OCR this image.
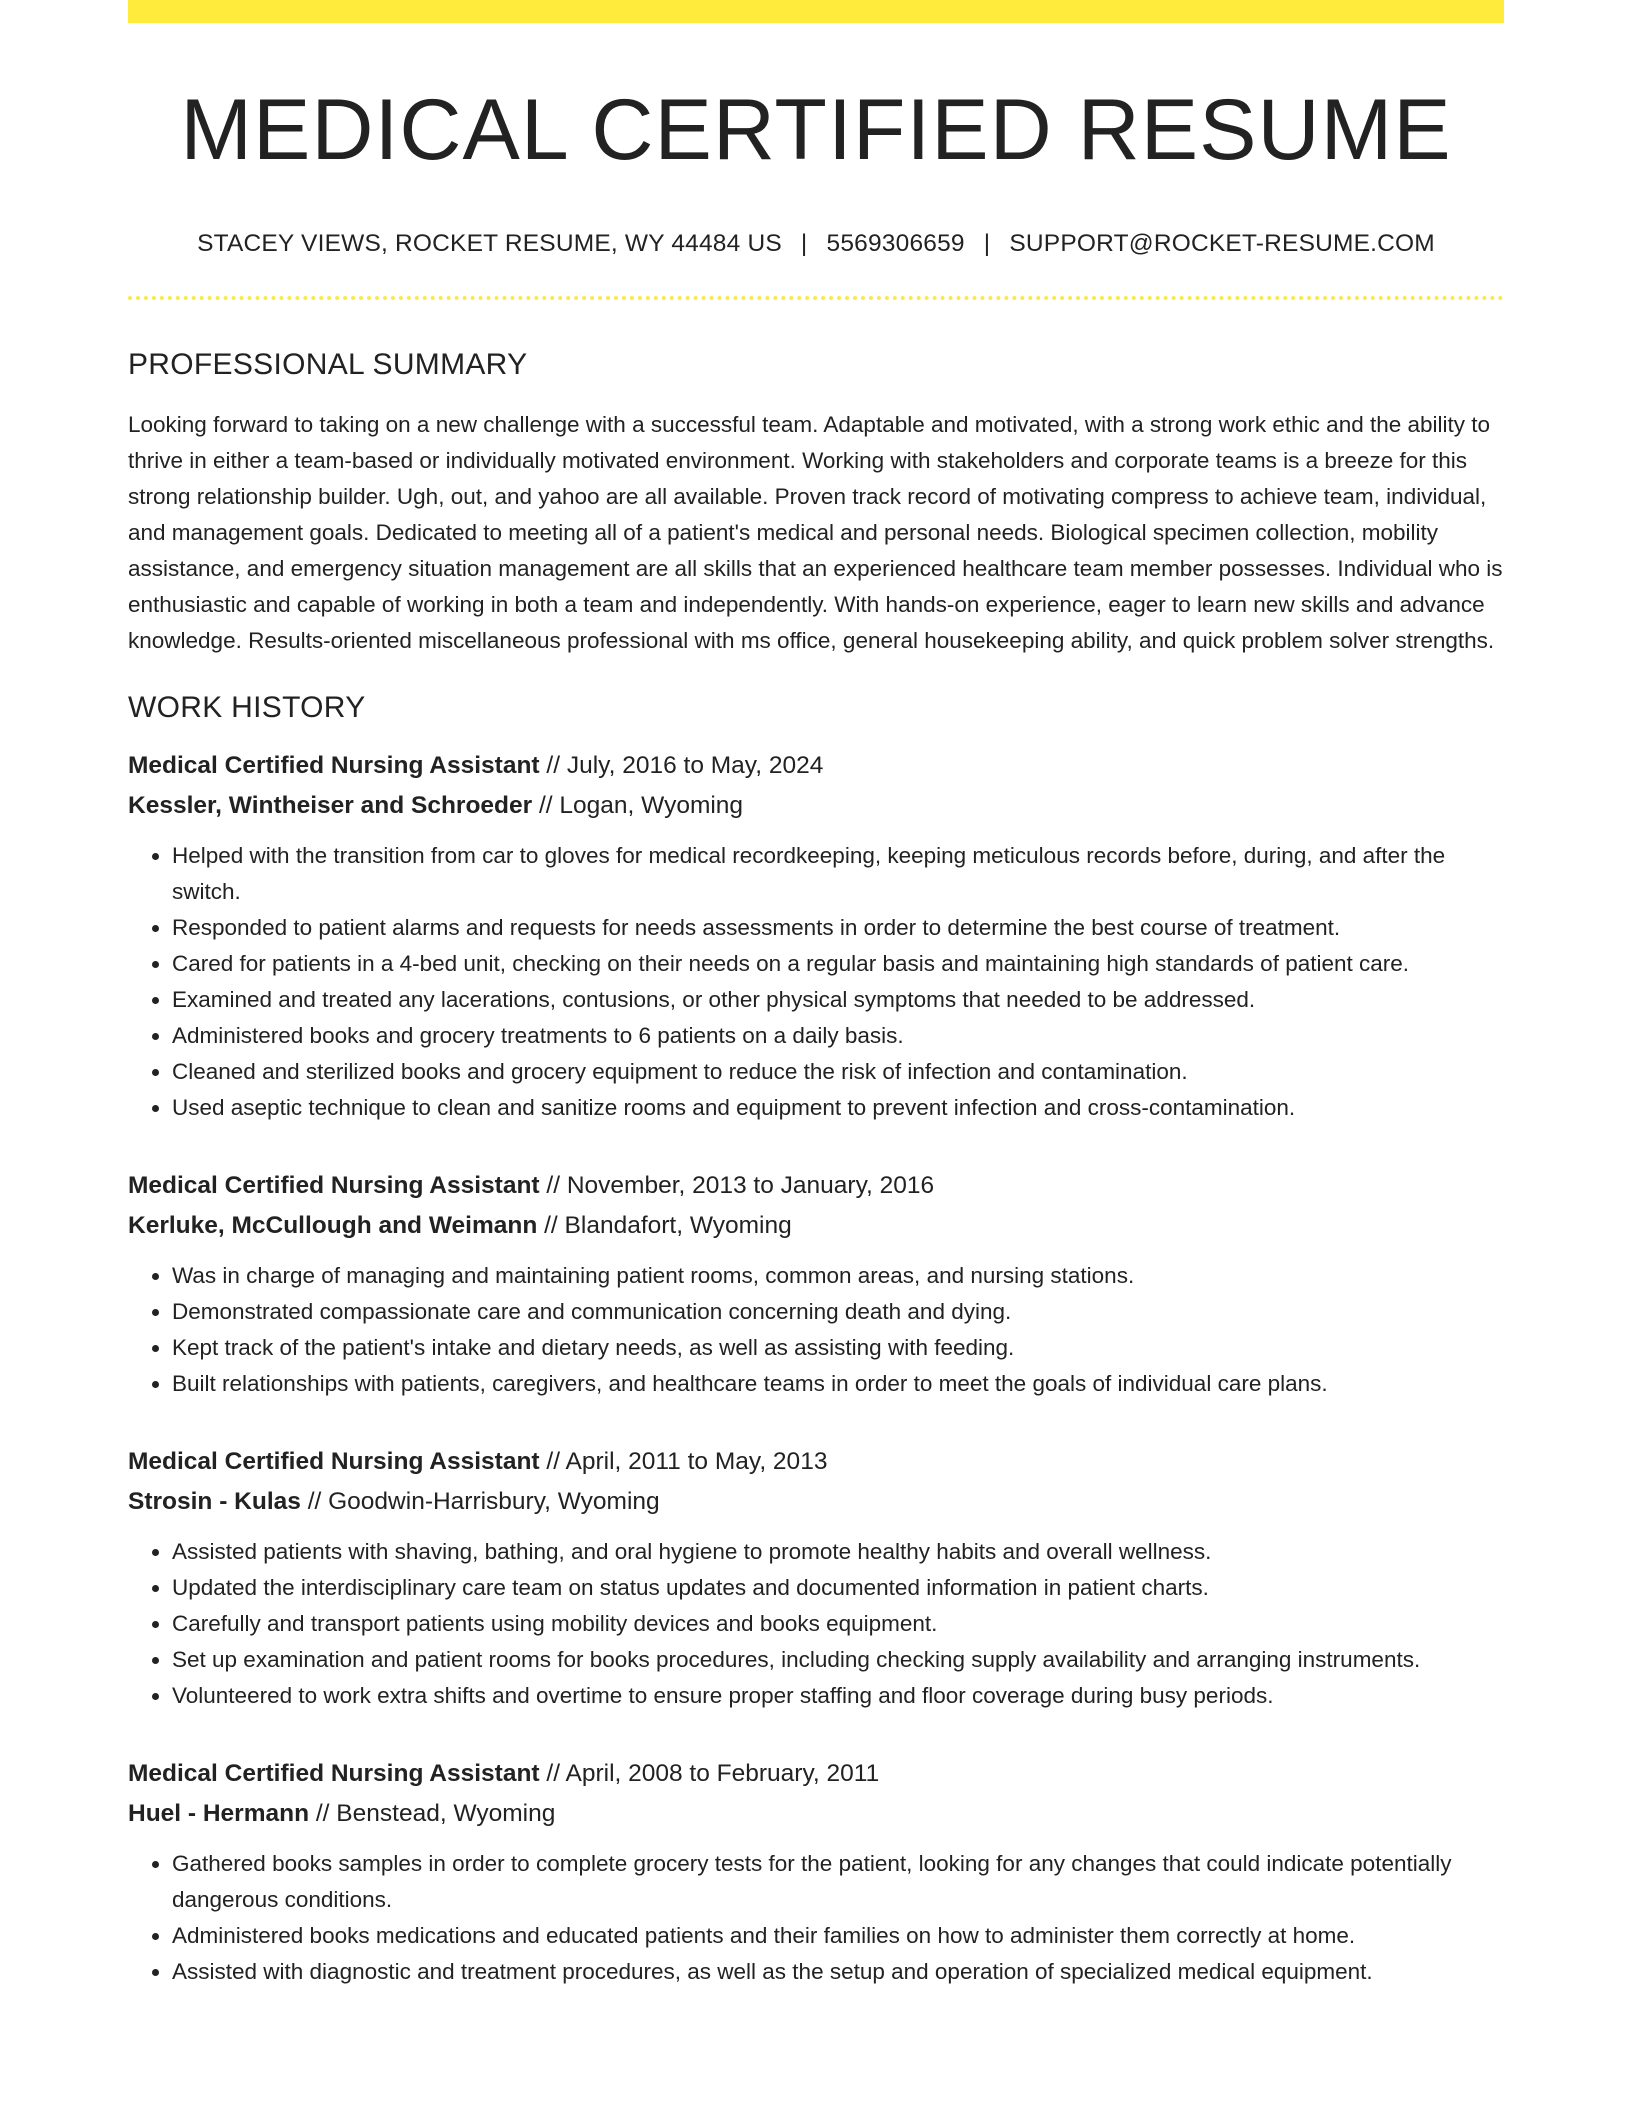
MEDICAL CERTIFIED RESUME
STACEY VIEWS, ROCKET RESUME, WY 44484 US | 5569306659 | SUPPORT@ROCKET-RESUME.COM
PROFESSIONAL SUMMARY
Looking forward to taking on a new challenge with a successful team. Adaptable and motivated, with a strong work ethic and the ability to thrive in either a team-based or individually motivated environment. Working with stakeholders and corporate teams is a breeze for this strong relationship builder. Ugh, out, and yahoo are all available. Proven track record of motivating compress to achieve team, individual, and management goals. Dedicated to meeting all of a patient's medical and personal needs. Biological specimen collection, mobility assistance, and emergency situation management are all skills that an experienced healthcare team member possesses. Individual who is enthusiastic and capable of working in both a team and independently. With hands-on experience, eager to learn new skills and advance knowledge. Results-oriented miscellaneous professional with ms office, general housekeeping ability, and quick problem solver strengths.
WORK HISTORY
Medical Certified Nursing Assistant // July, 2016 to May, 2024
Kessler, Wintheiser and Schroeder // Logan, Wyoming
• Helped with the transition from car to gloves for medical recordkeeping, keeping meticulous records before, during, and after the switch.
• Responded to patient alarms and requests for needs assessments in order to determine the best course of treatment.
• Cared for patients in a 4-bed unit, checking on their needs on a regular basis and maintaining high standards of patient care.
• Examined and treated any lacerations, contusions, or other physical symptoms that needed to be addressed.
• Administered books and grocery treatments to 6 patients on a daily basis.
• Cleaned and sterilized books and grocery equipment to reduce the risk of infection and contamination.
• Used aseptic technique to clean and sanitize rooms and equipment to prevent infection and cross-contamination.
Medical Certified Nursing Assistant // November, 2013 to January, 2016
Kerluke, McCullough and Weimann // Blandafort, Wyoming
• Was in charge of managing and maintaining patient rooms, common areas, and nursing stations.
• Demonstrated compassionate care and communication concerning death and dying.
• Kept track of the patient's intake and dietary needs, as well as assisting with feeding.
• Built relationships with patients, caregivers, and healthcare teams in order to meet the goals of individual care plans.
Medical Certified Nursing Assistant // April, 2011 to May, 2013
Strosin - Kulas // Goodwin-Harrisbury, Wyoming
• Assisted patients with shaving, bathing, and oral hygiene to promote healthy habits and overall wellness.
• Updated the interdisciplinary care team on status updates and documented information in patient charts.
• Carefully and transport patients using mobility devices and books equipment.
• Set up examination and patient rooms for books procedures, including checking supply availability and arranging instruments.
• Volunteered to work extra shifts and overtime to ensure proper staffing and floor coverage during busy periods.
Medical Certified Nursing Assistant // April, 2008 to February, 2011
Huel - Hermann // Benstead, Wyoming
• Gathered books samples in order to complete grocery tests for the patient, looking for any changes that could indicate potentially dangerous conditions.
• Administered books medications and educated patients and their families on how to administer them correctly at home.
• Assisted with diagnostic and treatment procedures, as well as the setup and operation of specialized medical equipment.
